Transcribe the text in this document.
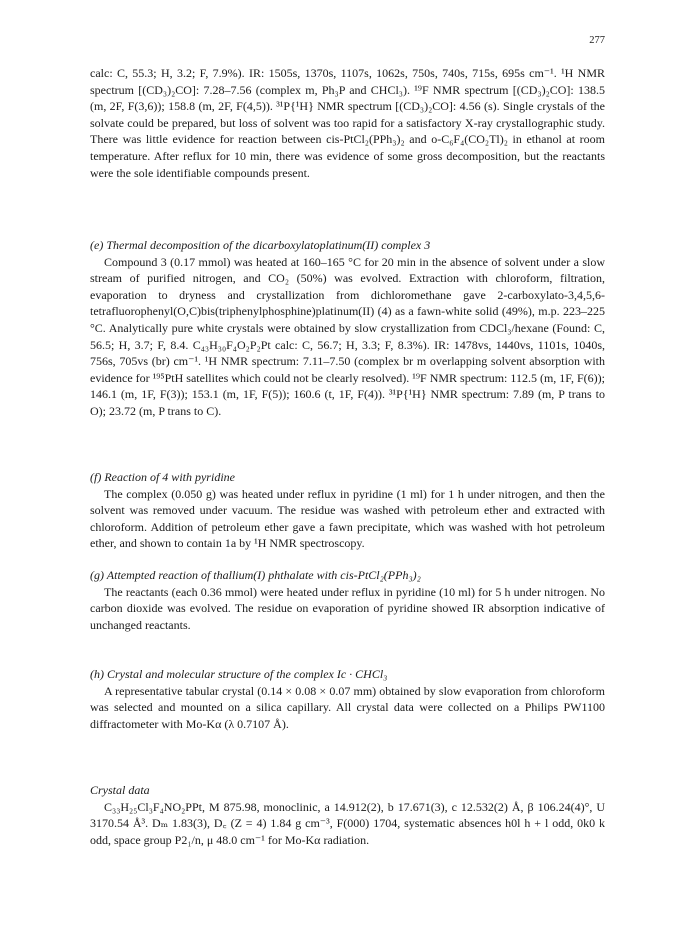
277

calc: C, 55.3; H, 3.2; F, 7.9%). IR: 1505s, 1370s, 1107s, 1062s, 750s, 740s, 715s, 695s cm⁻¹. ¹H NMR spectrum [(CD₃)₂CO]: 7.28–7.56 (complex m, Ph₃P and CHCl₃). ¹⁹F NMR spectrum [(CD₃)₂CO]: 138.5 (m, 2F, F(3,6)); 158.8 (m, 2F, F(4,5)). ³¹P{¹H} NMR spectrum [(CD₃)₂CO]: 4.56 (s). Single crystals of the solvate could be prepared, but loss of solvent was too rapid for a satisfactory X-ray crystallographic study. There was little evidence for reaction between cis-PtCl₂(PPh₃)₂ and o-C₆F₄(CO₂Tl)₂ in ethanol at room temperature. After reflux for 10 min, there was evidence of some gross decomposition, but the reactants were the sole identifiable compounds present.

(e) Thermal decomposition of the dicarboxylatoplatinum(II) complex 3

Compound 3 (0.17 mmol) was heated at 160–165 °C for 20 min in the absence of solvent under a slow stream of purified nitrogen, and CO₂ (50%) was evolved. Extraction with chloroform, filtration, evaporation to dryness and crystallization from dichloromethane gave 2-carboxylato-3,4,5,6-tetrafluorophenyl(O,C)bis(triphenylphosphine)platinum(II) (4) as a fawn-white solid (49%), m.p. 223–225 °C. Analytically pure white crystals were obtained by slow crystallization from CDCl₃/hexane (Found: C, 56.5; H, 3.7; F, 8.4. C₄₃H₃₀F₄O₂P₂Pt calc: C, 56.7; H, 3.3; F, 8.3%). IR: 1478vs, 1440vs, 1101s, 1040s, 756s, 705vs (br) cm⁻¹. ¹H NMR spectrum: 7.11–7.50 (complex br m overlapping solvent absorption with evidence for ¹⁹⁵PtH satellites which could not be clearly resolved). ¹⁹F NMR spectrum: 112.5 (m, 1F, F(6)); 146.1 (m, 1F, F(3)); 153.1 (m, 1F, F(5)); 160.6 (t, 1F, F(4)). ³¹P{¹H} NMR spectrum: 7.89 (m, P trans to O); 23.72 (m, P trans to C).

(f) Reaction of 4 with pyridine

The complex (0.050 g) was heated under reflux in pyridine (1 ml) for 1 h under nitrogen, and then the solvent was removed under vacuum. The residue was washed with petroleum ether and extracted with chloroform. Addition of petroleum ether gave a fawn precipitate, which was washed with hot petroleum ether, and shown to contain 1a by ¹H NMR spectroscopy.

(g) Attempted reaction of thallium(I) phthalate with cis-PtCl₂(PPh₃)₂

The reactants (each 0.36 mmol) were heated under reflux in pyridine (10 ml) for 5 h under nitrogen. No carbon dioxide was evolved. The residue on evaporation of pyridine showed IR absorption indicative of unchanged reactants.

(h) Crystal and molecular structure of the complex Ic · CHCl₃

A representative tabular crystal (0.14 × 0.08 × 0.07 mm) obtained by slow evaporation from chloroform was selected and mounted on a silica capillary. All crystal data were collected on a Philips PW1100 diffractometer with Mo-Kα (λ 0.7107 Å).

Crystal data

C₃₃H₂₅Cl₃F₄NO₂PPt, M 875.98, monoclinic, a 14.912(2), b 17.671(3), c 12.532(2) Å, β 106.24(4)°, U 3170.54 Å³. Dₘ 1.83(3), D꜀ (Z = 4) 1.84 g cm⁻³, F(000) 1704, systematic absences h0l h + l odd, 0k0 k odd, space group P2₁/n, μ 48.0 cm⁻¹ for Mo-Kα radiation.
